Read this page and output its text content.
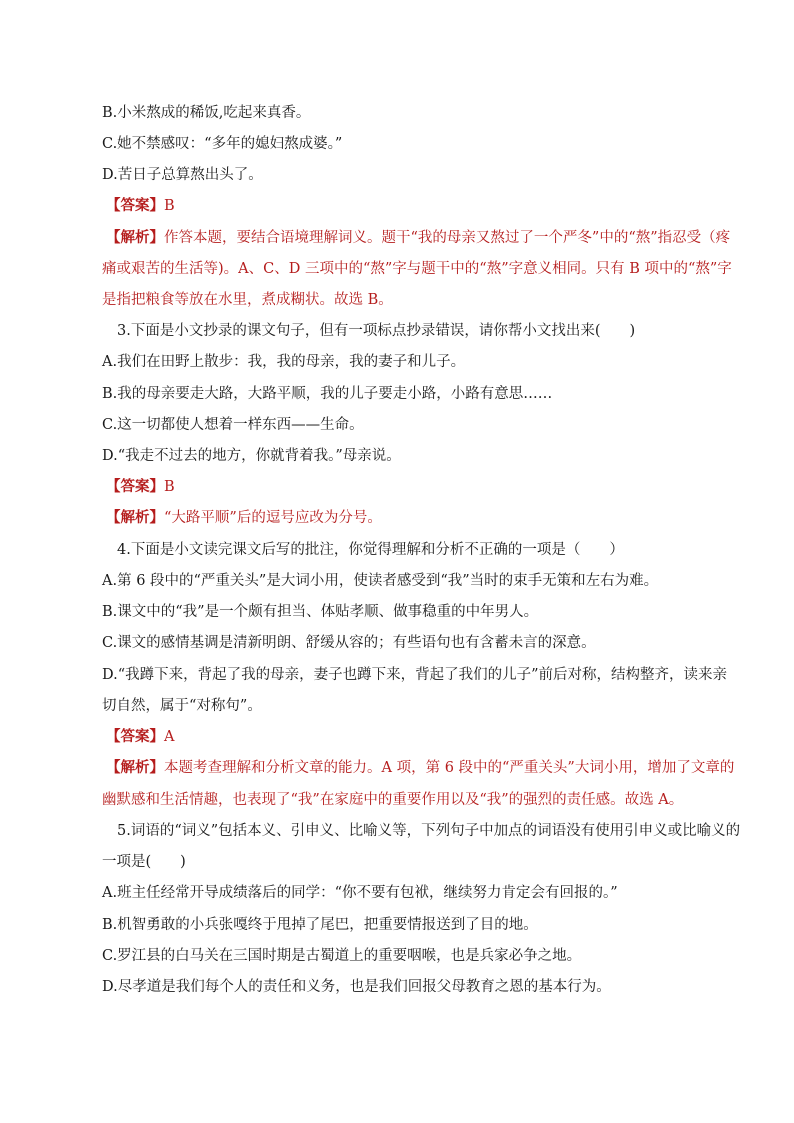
B.小米熬成的稀饭,吃起来真香。
C.她不禁感叹：“多年的媳妇熬成婆。”
D.苦日子总算熬出头了。
【答案】B
【解析】作答本题，要结合语境理解词义。题干“我的母亲又熬过了一个严冬”中的“熬”指忍受（疼
痛或艰苦的生活等)。A、C、D 三项中的“熬”字与题干中的“熬”字意义相同。只有 B 项中的“熬”字
是指把粮食等放在水里，煮成糊状。故选 B。
3.下面是小文抄录的课文句子，但有一项标点抄录错误，请你帮小文找出来(　　)
A.我们在田野上散步：我，我的母亲，我的妻子和儿子。
B.我的母亲要走大路，大路平顺，我的儿子要走小路，小路有意思……
C.这一切都使人想着一样东西——生命。
D.“我走不过去的地方，你就背着我。”母亲说。
【答案】B
【解析】“大路平顺”后的逗号应改为分号。
4.下面是小文读完课文后写的批注，你觉得理解和分析不正确的一项是（　　）
A.第 6 段中的“严重关头”是大词小用，使读者感受到“我”当时的束手无策和左右为难。
B.课文中的“我”是一个颇有担当、体贴孝顺、做事稳重的中年男人。
C.课文的感情基调是清新明朗、舒缓从容的；有些语句也有含蓄未言的深意。
D.“我蹲下来，背起了我的母亲，妻子也蹲下来，背起了我们的儿子”前后对称，结构整齐，读来亲
切自然，属于“对称句”。
【答案】A
【解析】本题考查理解和分析文章的能力。A 项，第 6 段中的“严重关头”大词小用，增加了文章的
幽默感和生活情趣，也表现了“我”在家庭中的重要作用以及“我”的强烈的责任感。故选 A。
5.词语的“词义”包括本义、引申义、比喻义等，下列句子中加点的词语没有使用引申义或比喻义的
一项是(　　)
A.班主任经常开导成绩落后的同学：“你不要有包袱，继续努力肯定会有回报的。”
B.机智勇敢的小兵张嘎终于甩掉了尾巴，把重要情报送到了目的地。
C.罗江县的白马关在三国时期是古蜀道上的重要咽喉，也是兵家必争之地。
D.尽孝道是我们每个人的责任和义务，也是我们回报父母教育之恩的基本行为。
